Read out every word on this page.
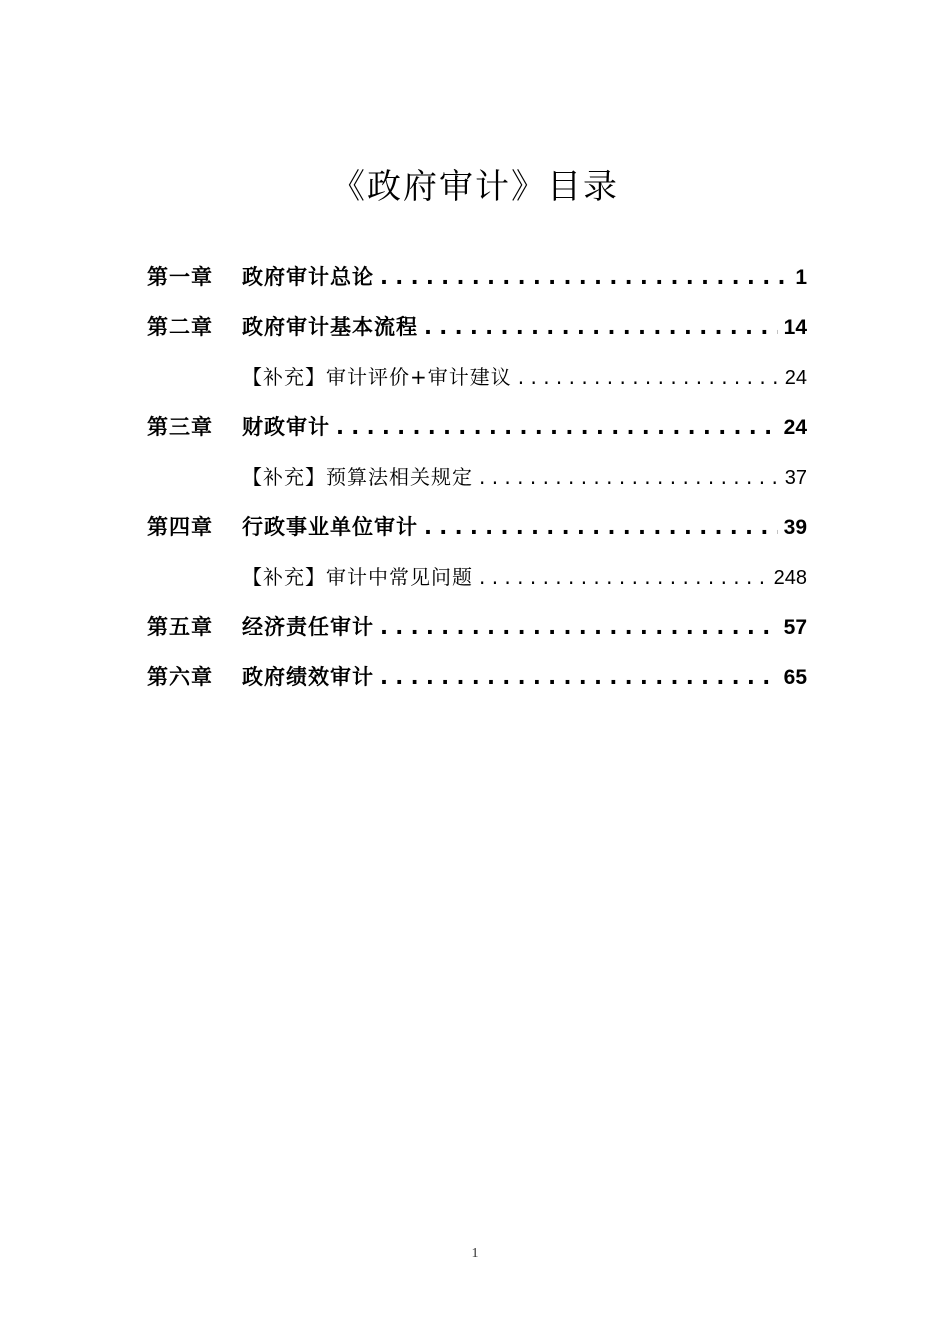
《政府审计》目录
第一章	政府审计总论 . . .	1
第二章	政府审计基本流程 . . .	14
【补充】审计评价+审计建议 . . .	24
第三章	财政审计 . . .	24
【补充】预算法相关规定 . . .	37
第四章	行政事业单位审计 . . .	39
【补充】审计中常见问题 . . .	248
第五章	经济责任审计 . . .	57
第六章	政府绩效审计 . . .	65
1
